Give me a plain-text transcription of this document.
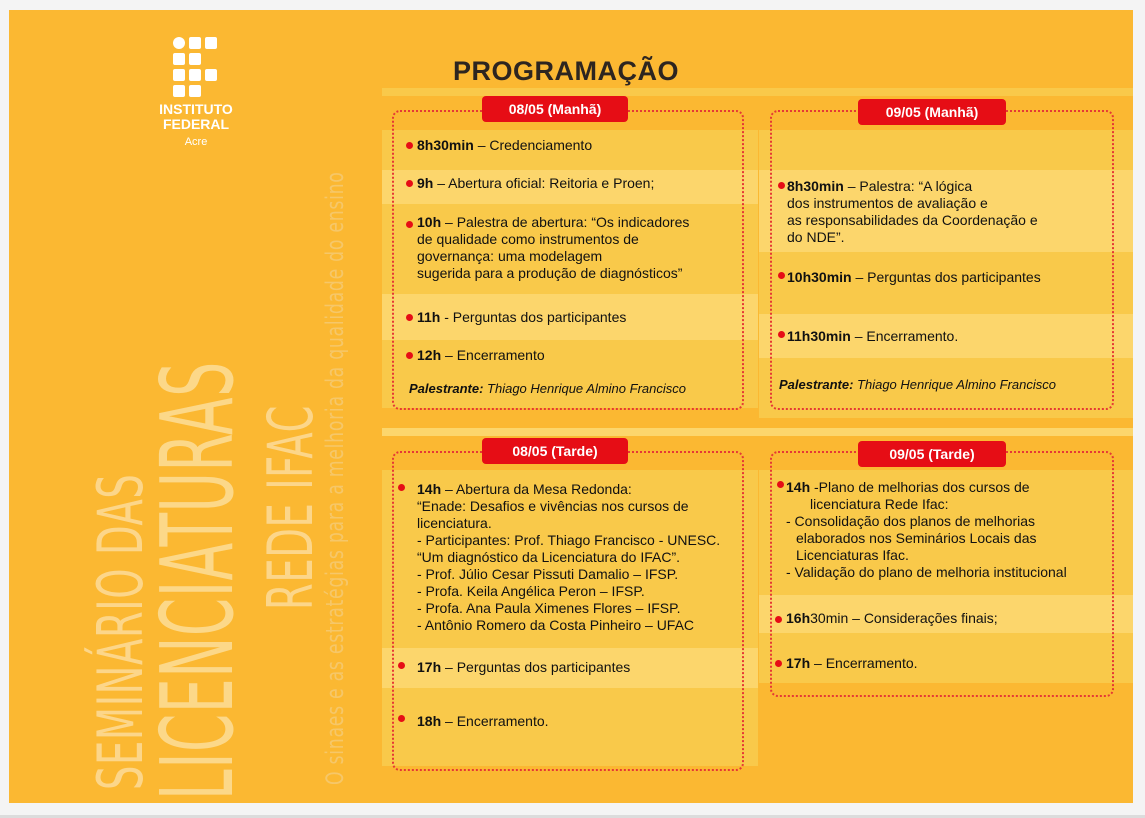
INSTITUTO
FEDERAL
Acre
SEMINÁRIO DAS
LICENCIATURAS
REDE IFAC
O sinaes e as estratégias para a melhoria da qualidade do ensino
PROGRAMAÇÃO
08/05 (Manhã)	09/05 (Manhã)
08/05 (Tarde)	09/05 (Tarde)
8h30min – Credenciamento
9h – Abertura oficial: Reitoria e Proen;
10h – Palestra de abertura: “Os indicadores
de qualidade como instrumentos de
governança: uma modelagem
sugerida para a produção de diagnósticos”
11h - Perguntas dos participantes
12h – Encerramento
Palestrante: Thiago Henrique Almino Francisco
8h30min – Palestra: “A lógica
dos instrumentos de avaliação e
as responsabilidades da Coordenação e
do NDE”.
10h30min – Perguntas dos participantes
11h30min – Encerramento.
Palestrante: Thiago Henrique Almino Francisco
14h – Abertura da Mesa Redonda:
“Enade: Desafios e vivências nos cursos de
licenciatura.
- Participantes: Prof. Thiago Francisco - UNESC.
“Um diagnóstico da Licenciatura do IFAC”.
- Prof. Júlio Cesar Pissuti Damalio – IFSP.
- Profa. Keila Angélica Peron – IFSP.
- Profa. Ana Paula Ximenes Flores – IFSP.
- Antônio Romero da Costa Pinheiro – UFAC
17h – Perguntas dos participantes
18h – Encerramento.
14h -Plano de melhorias dos cursos de
licenciatura Rede Ifac:
- Consolidação dos planos de melhorias
elaborados nos Seminários Locais das
Licenciaturas Ifac.
- Validação do plano de melhoria institucional
16h30min – Considerações finais;
17h – Encerramento.
